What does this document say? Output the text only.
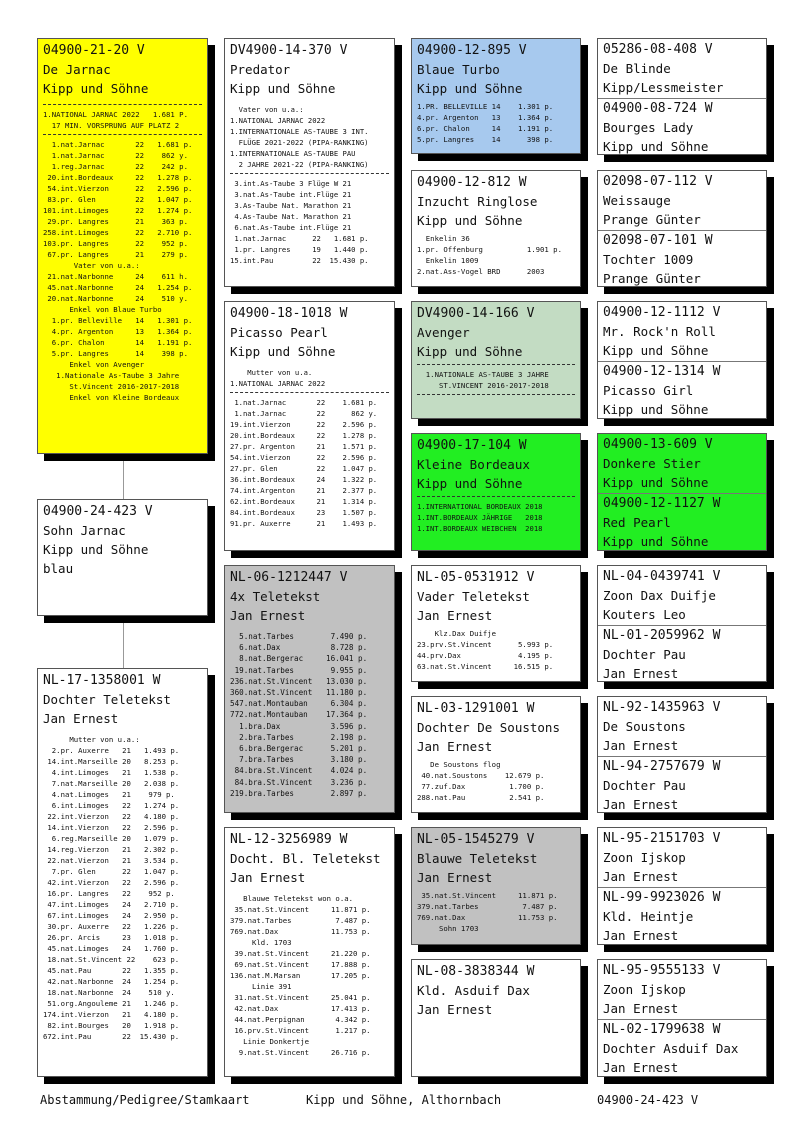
04900-21-20 V
De Jarnac
Kipp und Söhne
1.NATIONAL JARNAC 2022   1.681 P.
17 MIN. VORSPRUNG AUF PLATZ 2
1.nat.Jarnac       22   1.681 p.
1.nat.Jarnac       22    862 y.
1.reg.Jarnac       22    242 p.
20.int.Bordeaux     22   1.278 p.
54.int.Vierzon      22   2.596 p.
83.pr. Glen         22   1.047 p.
101.int.Limoges      22   1.274 p.
29.pr. Langres      21    363 p.
258.int.Limoges      22   2.710 p.
103.pr. Langres      22    952 p.
67.pr. Langres      21    279 p.
Vater von u.a.:
21.nat.Narbonne     24    611 h.
45.nat.Narbonne     24   1.254 p.
20.nat.Narbonne     24    510 y.
Enkel von Blaue Turbo
1.pr. Belleville   14   1.301 p.
4.pr. Argenton     13   1.364 p.
6.pr. Chalon       14   1.191 p.
5.pr. Langres      14    398 p.
Enkel von Avenger
1.Nationale As-Taube 3 Jahre
St.Vincent 2016-2017-2018
Enkel von Kleine Bordeaux
04900-24-423 V
Sohn Jarnac
Kipp und Söhne
blau
NL-17-1358001 W
Dochter Teletekst
Jan Ernest
Mutter von u.a.:
2.pr. Auxerre   21   1.493 p.
14.int.Marseille 20   8.253 p.
4.int.Limoges   21   1.538 p.
7.nat.Marseille 20   2.038 p.
4.nat.Limoges   21    979 p.
6.int.Limoges   22   1.274 p.
22.int.Vierzon   22   4.180 p.
14.int.Vierzon   22   2.596 p.
6.reg.Marseille 20   1.079 p.
14.reg.Vierzon   21   2.302 p.
22.nat.Vierzon   21   3.534 p.
7.pr. Glen      22   1.047 p.
42.int.Vierzon   22   2.596 p.
16.pr. Langres   22    952 p.
47.int.Limoges   24   2.710 p.
67.int.Limoges   24   2.950 p.
30.pr. Auxerre   22   1.226 p.
26.pr. Arcis     23   1.018 p.
45.nat.Limoges   24   1.760 p.
18.nat.St.Vincent 22    623 p.
45.nat.Pau       22   1.355 p.
42.nat.Narbonne  24   1.254 p.
18.nat.Narbonne  24    510 y.
51.org.Angouleme 21   1.246 p.
174.int.Vierzon   21   4.180 p.
82.int.Bourges   20   1.918 p.
672.int.Pau       22  15.430 p.
DV4900-14-370 V
Predator
Kipp und Söhne
Vater von u.a.:
1.NATIONAL JARNAC 2022
1.INTERNATIONALE AS-TAUBE 3 INT.
FLÜGE 2021-2022 (PIPA-RANKING)
1.INTERNATIONALE AS-TAUBE PAU
2 JAHRE 2021-22 (PIPA-RANKING)
3.int.As-Taube 3 Flüge W 21
3.nat.As-Taube int.Flüge 21
3.As-Taube Nat. Marathon 21
4.As-Taube Nat. Marathon 21
6.nat.As-Taube int.Flüge 21
1.nat.Jarnac      22   1.681 p.
1.pr. Langres     19   1.440 p.
15.int.Pau         22  15.430 p.
04900-18-1018 W
Picasso Pearl
Kipp und Söhne
Mutter von u.a.
1.NATIONAL JARNAC 2022
1.nat.Jarnac       22    1.681 p.
1.nat.Jarnac       22      862 y.
19.int.Vierzon      22    2.596 p.
20.int.Bordeaux     22    1.278 p.
27.pr. Argenton     21    1.571 p.
54.int.Vierzon      22    2.596 p.
27.pr. Glen         22    1.047 p.
36.int.Bordeaux     24    1.322 p.
74.int.Argenton     21    2.377 p.
62.int.Bordeaux     21    1.314 p.
84.int.Bordeaux     23    1.507 p.
91.pr. Auxerre      21    1.493 p.
NL-06-1212447 V
4x Teletekst
Jan Ernest
5.nat.Tarbes        7.490 p.
6.nat.Dax           8.728 p.
8.nat.Bergerac     16.041 p.
19.nat.Tarbes        9.955 p.
236.nat.St.Vincent   13.030 p.
360.nat.St.Vincent   11.180 p.
547.nat.Montauban     6.304 p.
772.nat.Montauban    17.364 p.
1.bra.Dax           3.596 p.
2.bra.Tarbes        2.198 p.
6.bra.Bergerac      5.201 p.
7.bra.Tarbes        3.180 p.
84.bra.St.Vincent    4.024 p.
84.bra.St.Vincent    3.236 p.
219.bra.Tarbes        2.897 p.
NL-12-3256989 W
Docht. Bl. Teletekst
Jan Ernest
Blauwe Teletekst won o.a.
35.nat.St.Vincent     11.871 p.
379.nat.Tarbes          7.487 p.
769.nat.Dax            11.753 p.
Kld. 1703
39.nat.St.Vincent     21.220 p.
69.nat.St.Vincent     17.888 p.
136.nat.M.Marsan       17.205 p.
Linie 391
31.nat.St.Vincent     25.041 p.
42.nat.Dax            17.413 p.
44.nat.Perpignan       4.342 p.
16.prv.St.Vincent      1.217 p.
Linie Donkertje
9.nat.St.Vincent     26.716 p.
04900-12-895 V
Blaue Turbo
Kipp und Söhne
1.PR. BELLEVILLE 14    1.301 p.
4.pr. Argenton   13    1.364 p.
6.pr. Chalon     14    1.191 p.
5.pr. Langres    14      398 p.
04900-12-812 W
Inzucht Ringlose
Kipp und Söhne
Enkelin 36
1.pr. Offenburg          1.901 p.
Enkelin 1009
2.nat.Ass-Vogel BRD      2003
DV4900-14-166 V
Avenger
Kipp und Söhne
1.NATIONALE AS-TAUBE 3 JAHRE
ST.VINCENT 2016-2017-2018
04900-17-104 W
Kleine Bordeaux
Kipp und Söhne
1.INTERNATIONAL BORDEAUX 2018
1.INT.BORDEAUX JÄHRIGE   2018
1.INT.BORDEAUX WEIBCHEN  2018
NL-05-0531912 V
Vader Teletekst
Jan Ernest
Klz.Dax Duifje
23.prv.St.Vincent      5.993 p.
44.prv.Dax             4.195 p.
63.nat.St.Vincent     16.515 p.
NL-03-1291001 W
Dochter De Soustons
Jan Ernest
De Soustons flog
40.nat.Soustons    12.679 p.
77.zuf.Dax          1.700 p.
288.nat.Pau          2.541 p.
NL-05-1545279 V
Blauwe Teletekst
Jan Ernest
35.nat.St.Vincent     11.871 p.
379.nat.Tarbes          7.487 p.
769.nat.Dax            11.753 p.
Sohn 1703
NL-08-3838344 W
Kld. Asduif Dax
Jan Ernest
05286-08-408 V
De Blinde
Kipp/Lessmeister
04900-08-724 W
Bourges Lady
Kipp und Söhne
02098-07-112 V
Weissauge
Prange Günter
02098-07-101 W
Tochter 1009
Prange Günter
04900-12-1112 V
Mr. Rock'n Roll
Kipp und Söhne
04900-12-1314 W
Picasso Girl
Kipp und Söhne
04900-13-609 V
Donkere Stier
Kipp und Söhne
04900-12-1127 W
Red Pearl
Kipp und Söhne
NL-04-0439741 V
Zoon Dax Duifje
Kouters Leo
NL-01-2059962 W
Dochter Pau
Jan Ernest
NL-92-1435963 V
De Soustons
Jan Ernest
NL-94-2757679 W
Dochter Pau
Jan Ernest
NL-95-2151703 V
Zoon Ijskop
Jan Ernest
NL-99-9923026 W
Kld. Heintje
Jan Ernest
NL-95-9555133 V
Zoon Ijskop
Jan Ernest
NL-02-1799638 W
Dochter Asduif Dax
Jan Ernest
Abstammung/Pedigree/Stamkaart	Kipp und Söhne, Althornbach	04900-24-423 V
